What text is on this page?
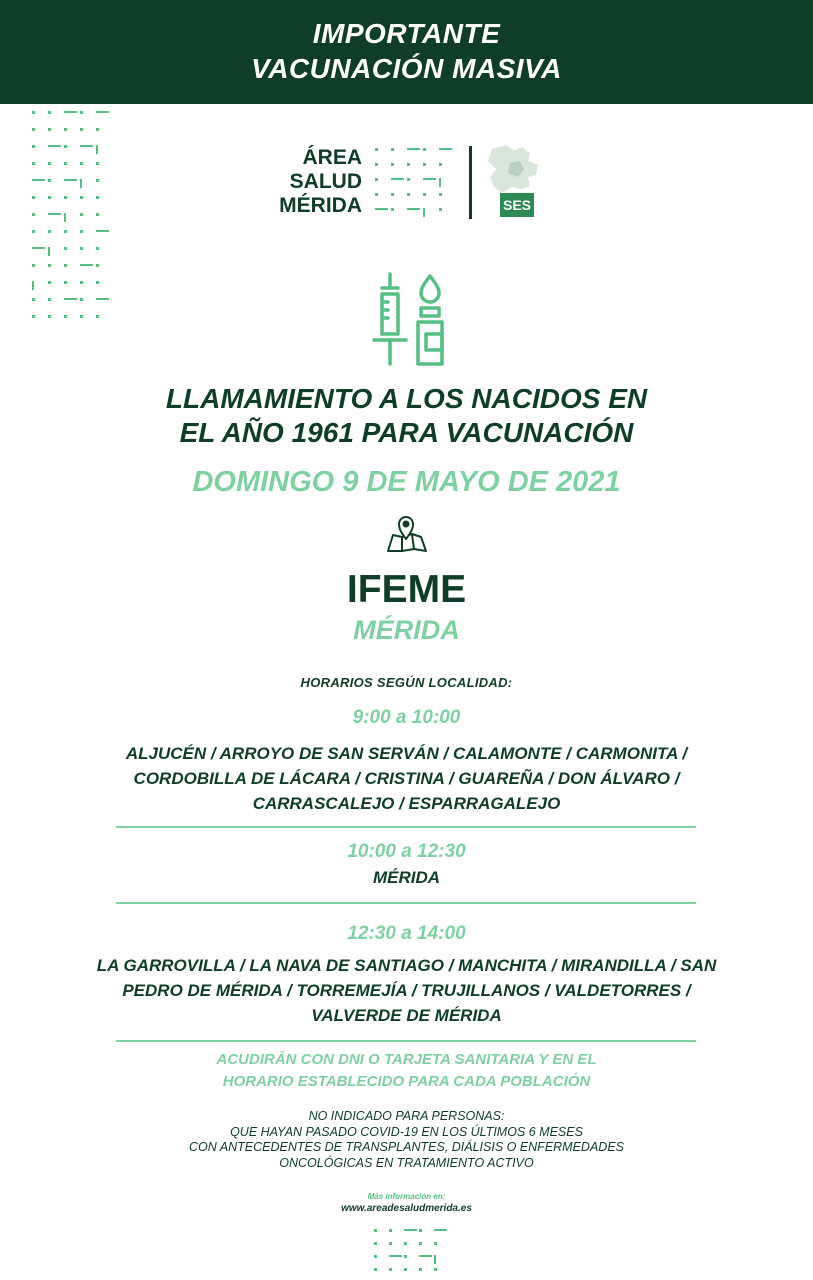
IMPORTANTE
VACUNACIÓN MASIVA
ÁREA
SALUD
MÉRIDA	SES
LLAMAMIENTO A LOS NACIDOS EN
EL AÑO 1961 PARA VACUNACIÓN
DOMINGO 9 DE MAYO DE 2021
IFEME
MÉRIDA
HORARIOS SEGÚN LOCALIDAD:
9:00 a 10:00
ALJUCÉN / ARROYO DE SAN SERVÁN / CALAMONTE / CARMONITA /
CORDOBILLA DE LÁCARA / CRISTINA / GUAREÑA / DON ÁLVARO /
CARRASCALEJO / ESPARRAGALEJO
10:00 a 12:30
MÉRIDA
12:30 a 14:00
LA GARROVILLA / LA NAVA DE SANTIAGO / MANCHITA / MIRANDILLA / SAN
PEDRO DE MÉRIDA / TORREMEJÍA / TRUJILLANOS / VALDETORRES /
VALVERDE DE MÉRIDA
ACUDIRÁN CON DNI O TARJETA SANITARIA Y EN EL
HORARIO ESTABLECIDO PARA CADA POBLACIÓN
NO INDICADO PARA PERSONAS:
QUE HAYAN PASADO COVID-19 EN LOS ÚLTIMOS 6 MESES
CON ANTECEDENTES DE TRANSPLANTES, DIÁLISIS O ENFERMEDADES
ONCOLÓGICAS EN TRATAMIENTO ACTIVO
Más información en:
www.areadesaludmerida.es
